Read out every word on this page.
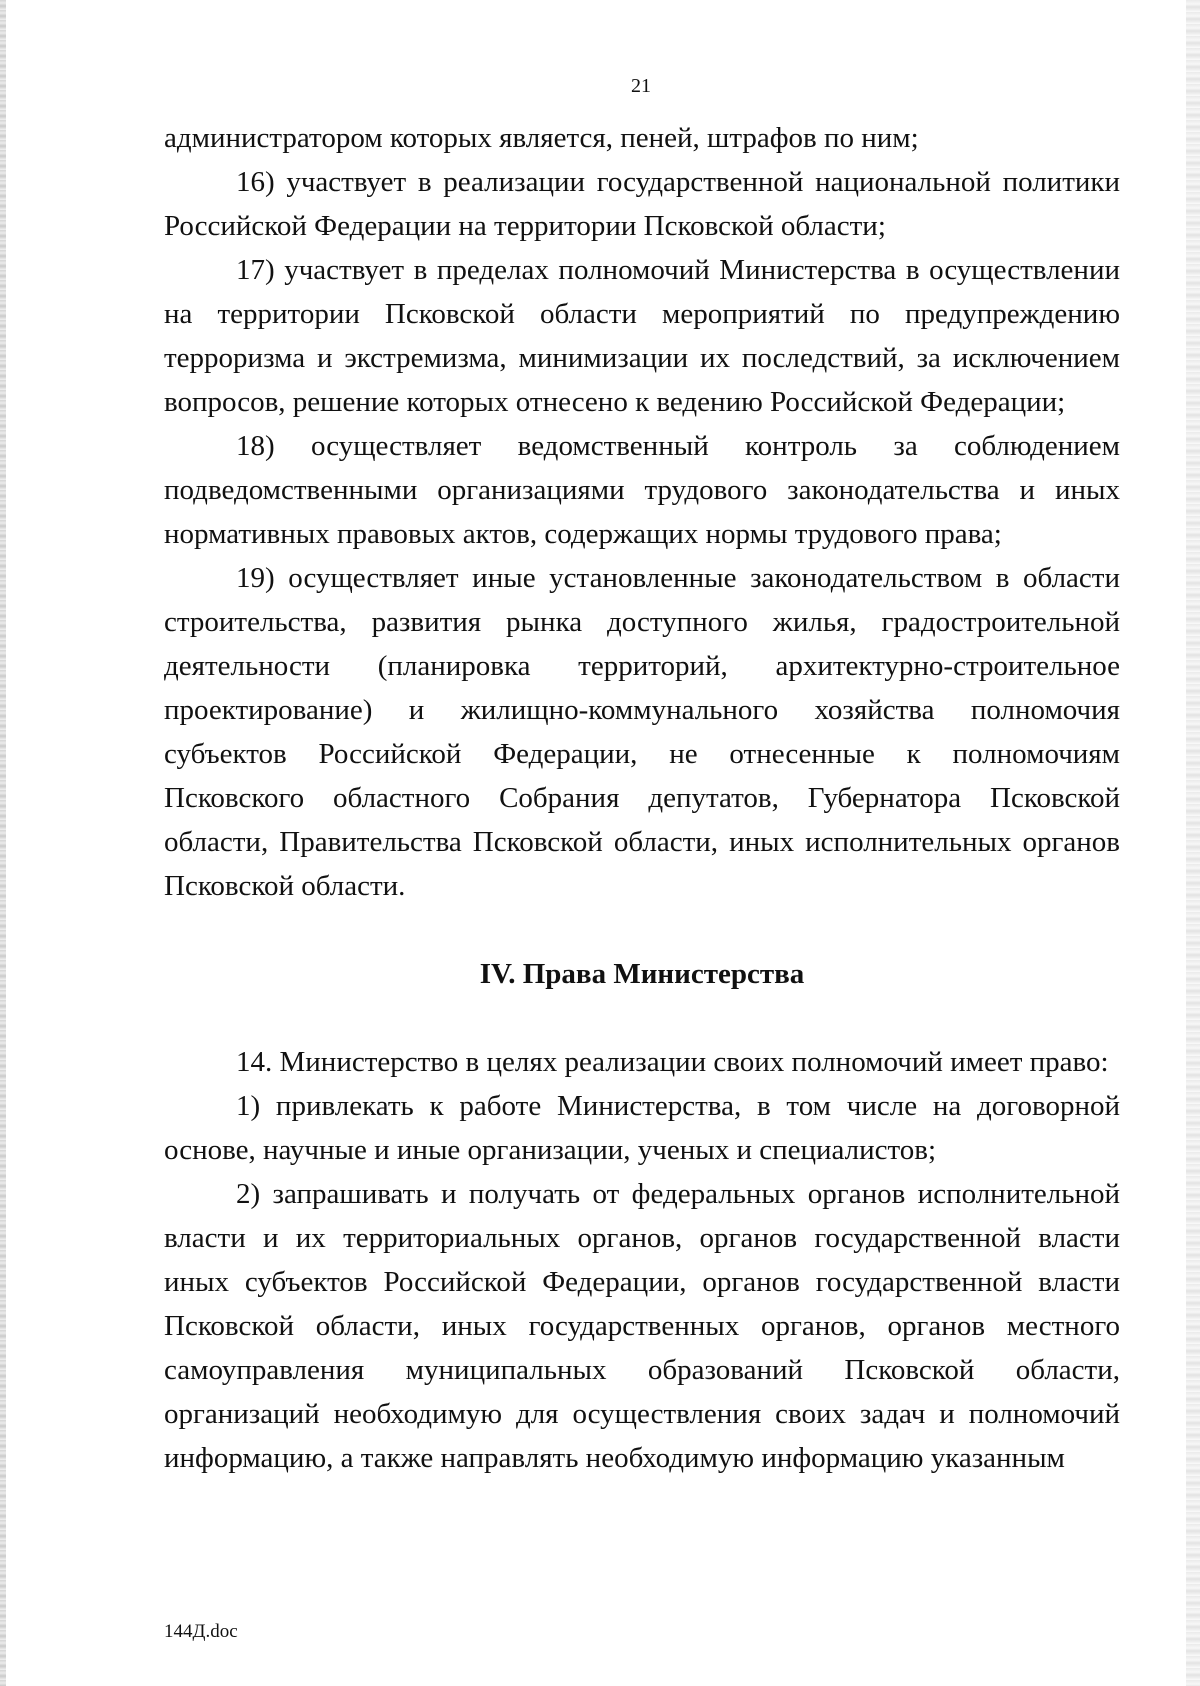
21

администратором которых является, пеней, штрафов по ним;

16) участвует в реализации государственной национальной политики Российской Федерации на территории Псковской области;

17) участвует в пределах полномочий Министерства в осуществлении на территории Псковской области мероприятий по предупреждению терроризма и экстремизма, минимизации их последствий, за исключением вопросов, решение которых отнесено к ведению Российской Федерации;

18) осуществляет ведомственный контроль за соблюдением подведомственными организациями трудового законодательства и иных нормативных правовых актов, содержащих нормы трудового права;

19) осуществляет иные установленные законодательством в области строительства, развития рынка доступного жилья, градостроительной деятельности (планировка территорий, архитектурно-строительное проектирование) и жилищно-коммунального хозяйства полномочия субъектов Российской Федерации, не отнесенные к полномочиям Псковского областного Собрания депутатов, Губернатора Псковской области, Правительства Псковской области, иных исполнительных органов Псковской области.

IV. Права Министерства

14. Министерство в целях реализации своих полномочий имеет право:

1) привлекать к работе Министерства, в том числе на договорной основе, научные и иные организации, ученых и специалистов;

2) запрашивать и получать от федеральных органов исполнительной власти и их территориальных органов, органов государственной власти иных субъектов Российской Федерации, органов государственной власти Псковской области, иных государственных органов, органов местного самоуправления муниципальных образований Псковской области, организаций необходимую для осуществления своих задач и полномочий информацию, а также направлять необходимую информацию указанным

144Д.doc
